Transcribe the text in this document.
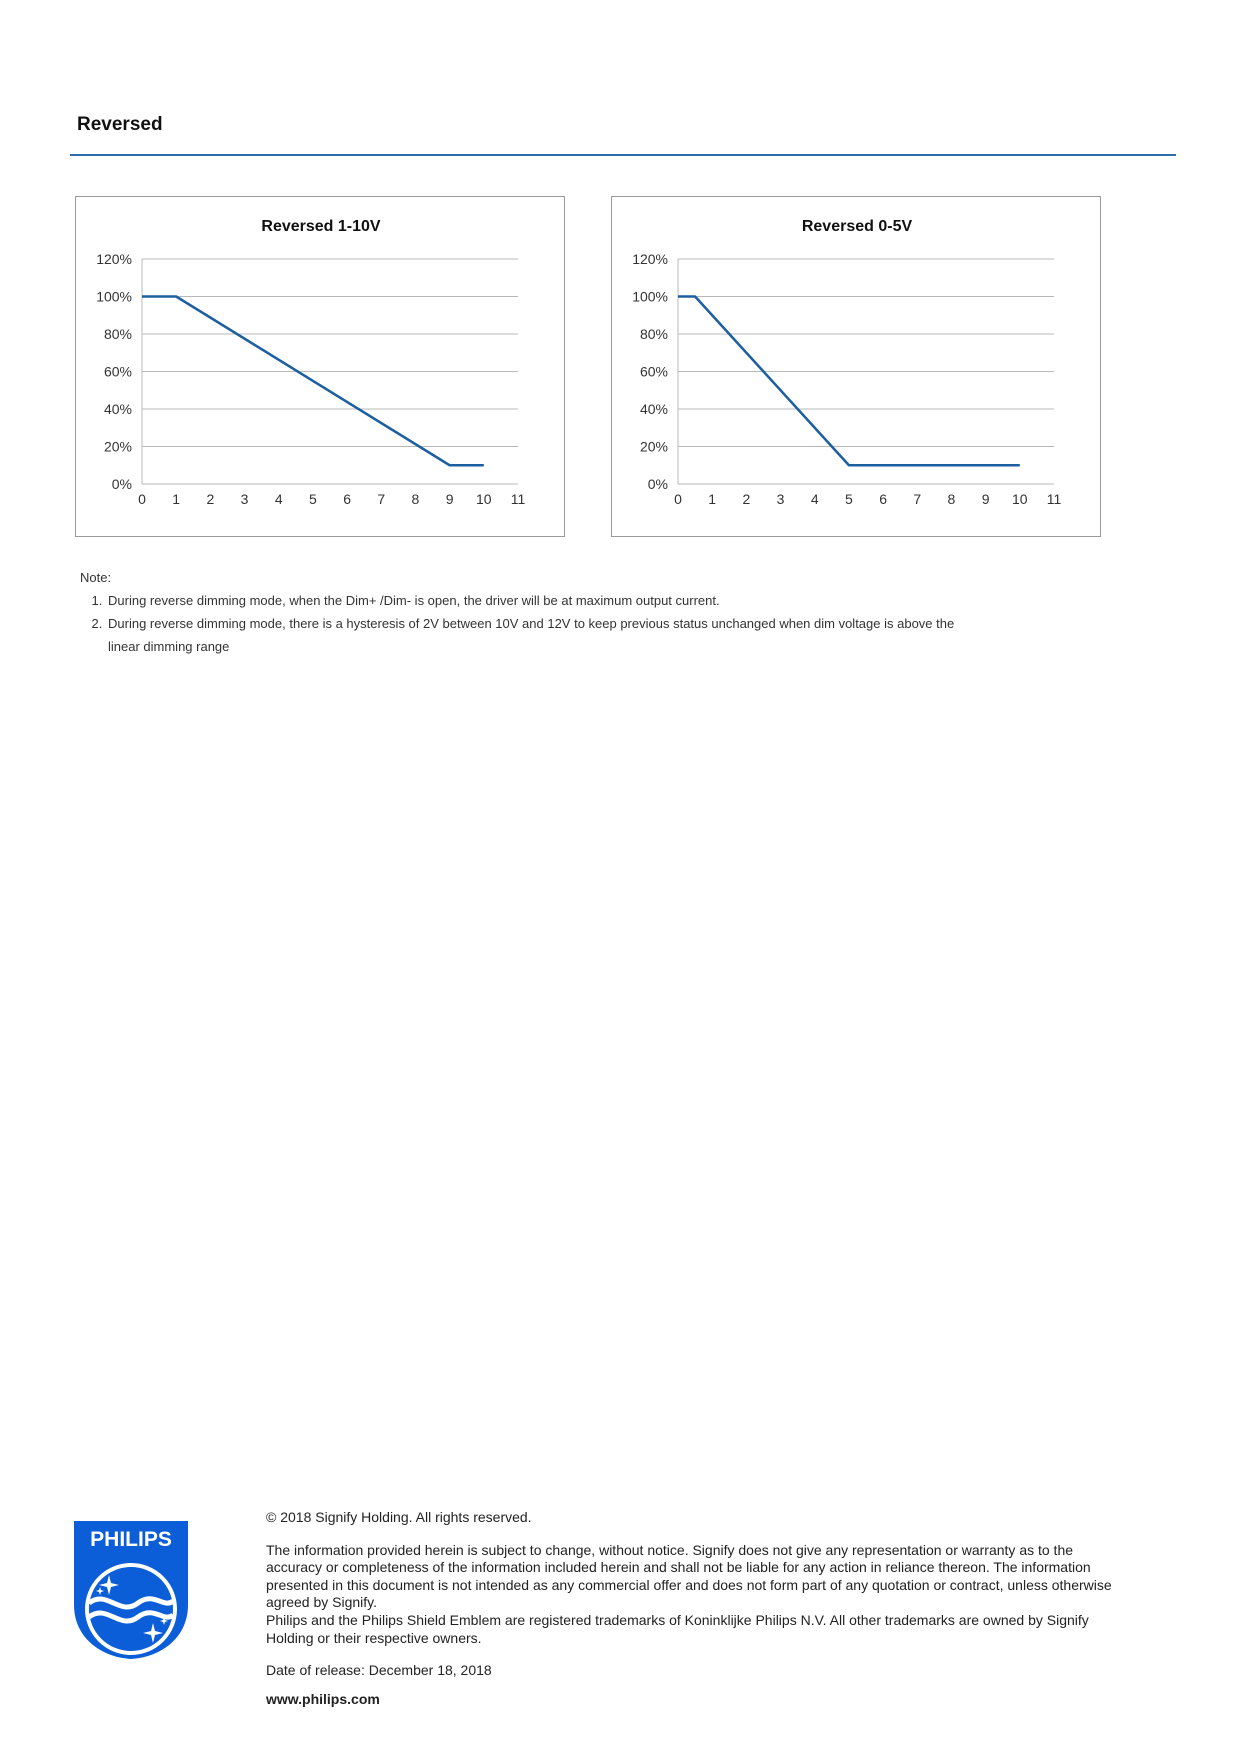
Reversed
Reversed 1-10V
0%
20%
40%
60%
80%
100%
120%
0 1 2 3 4 5 6 7 8 9 10 11
Reversed 0-5V
0%
20%
40%
60%
80%
100%
120%
0 1 2 3 4 5 6 7 8 9 10 11
Note:
1. During reverse dimming mode, when the Dim+ /Dim- is open, the driver will be at maximum output current.
2. During reverse dimming mode, there is a hysteresis of 2V between 10V and 12V to keep previous status unchanged when dim voltage is above the linear dimming range
PHILIPS

© 2018 Signify Holding. All rights reserved.

The information provided herein is subject to change, without notice. Signify does not give any representation or warranty as to the accuracy or completeness of the information included herein and shall not be liable for any action in reliance thereon. The information presented in this document is not intended as any commercial offer and does not form part of any quotation or contract, unless otherwise agreed by Signify.

Philips and the Philips Shield Emblem are registered trademarks of Koninklijke Philips N.V. All other trademarks are owned by Signify Holding or their respective owners.

Date of release: December 18, 2018

www.philips.com
